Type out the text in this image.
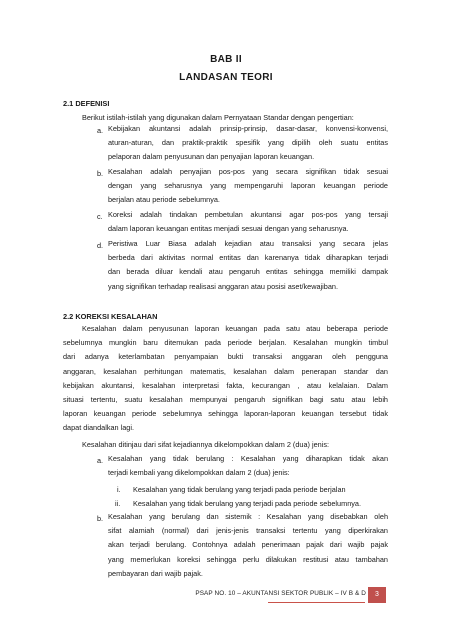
BAB II
LANDASAN TEORI
2.1 DEFENISI
Berikut istilah-istilah yang digunakan dalam Pernyataan Standar dengan pengertian:
a. Kebijakan akuntansi adalah prinsip-prinsip, dasar-dasar, konvensi-konvensi,
aturan-aturan, dan praktik-praktik spesifik yang dipilih oleh suatu entitas
pelaporan dalam penyusunan dan penyajian laporan keuangan.
b. Kesalahan adalah penyajian pos-pos yang secara signifikan tidak sesuai
dengan yang seharusnya yang mempengaruhi laporan keuangan periode
berjalan atau periode sebelumnya.
c. Koreksi adalah tindakan pembetulan akuntansi agar pos-pos yang tersaji
dalam laporan keuangan entitas menjadi sesuai dengan yang seharusnya.
d. Peristiwa Luar Biasa adalah kejadian atau transaksi yang secara jelas
berbeda dari aktivitas normal entitas dan karenanya tidak diharapkan terjadi
dan berada diluar kendali atau pengaruh entitas sehingga memiliki dampak
yang signifikan terhadap realisasi anggaran atau posisi aset/kewajiban.
2.2 KOREKSI KESALAHAN
Kesalahan dalam penyusunan laporan keuangan pada satu atau beberapa periode
sebelumnya mungkin baru ditemukan pada periode berjalan. Kesalahan mungkin timbul
dari adanya keterlambatan penyampaian bukti transaksi anggaran oleh pengguna
anggaran, kesalahan perhitungan matematis, kesalahan dalam penerapan standar dan
kebijakan akuntansi, kesalahan interpretasi fakta, kecurangan , atau kelalaian. Dalam
situasi tertentu, suatu kesalahan mempunyai pengaruh signifikan bagi satu atau lebih
laporan keuangan periode sebelumnya sehingga laporan-laporan keuangan tersebut tidak
dapat diandalkan lagi.
Kesalahan ditinjau dari sifat kejadiannya dikelompokkan dalam 2 (dua) jenis:
a. Kesalahan yang tidak berulang : Kesalahan yang diharapkan tidak akan
terjadi kembali yang dikelompokkan dalam 2 (dua) jenis:
i. Kesalahan yang tidak berulang yang terjadi pada periode berjalan
ii. Kesalahan yang tidak berulang yang terjadi pada periode sebelumnya.
b. Kesalahan yang berulang dan sistemik : Kesalahan yang disebabkan oleh
sifat alamiah (normal) dari jenis-jenis transaksi tertentu yang diperkirakan
akan terjadi berulang. Contohnya adalah penerimaan pajak dari wajib pajak
yang memerlukan koreksi sehingga perlu dilakukan restitusi atau tambahan
pembayaran dari wajib pajak.
PSAP NO. 10 – AKUNTANSI SEKTOR PUBLIK – IV B & D	3
